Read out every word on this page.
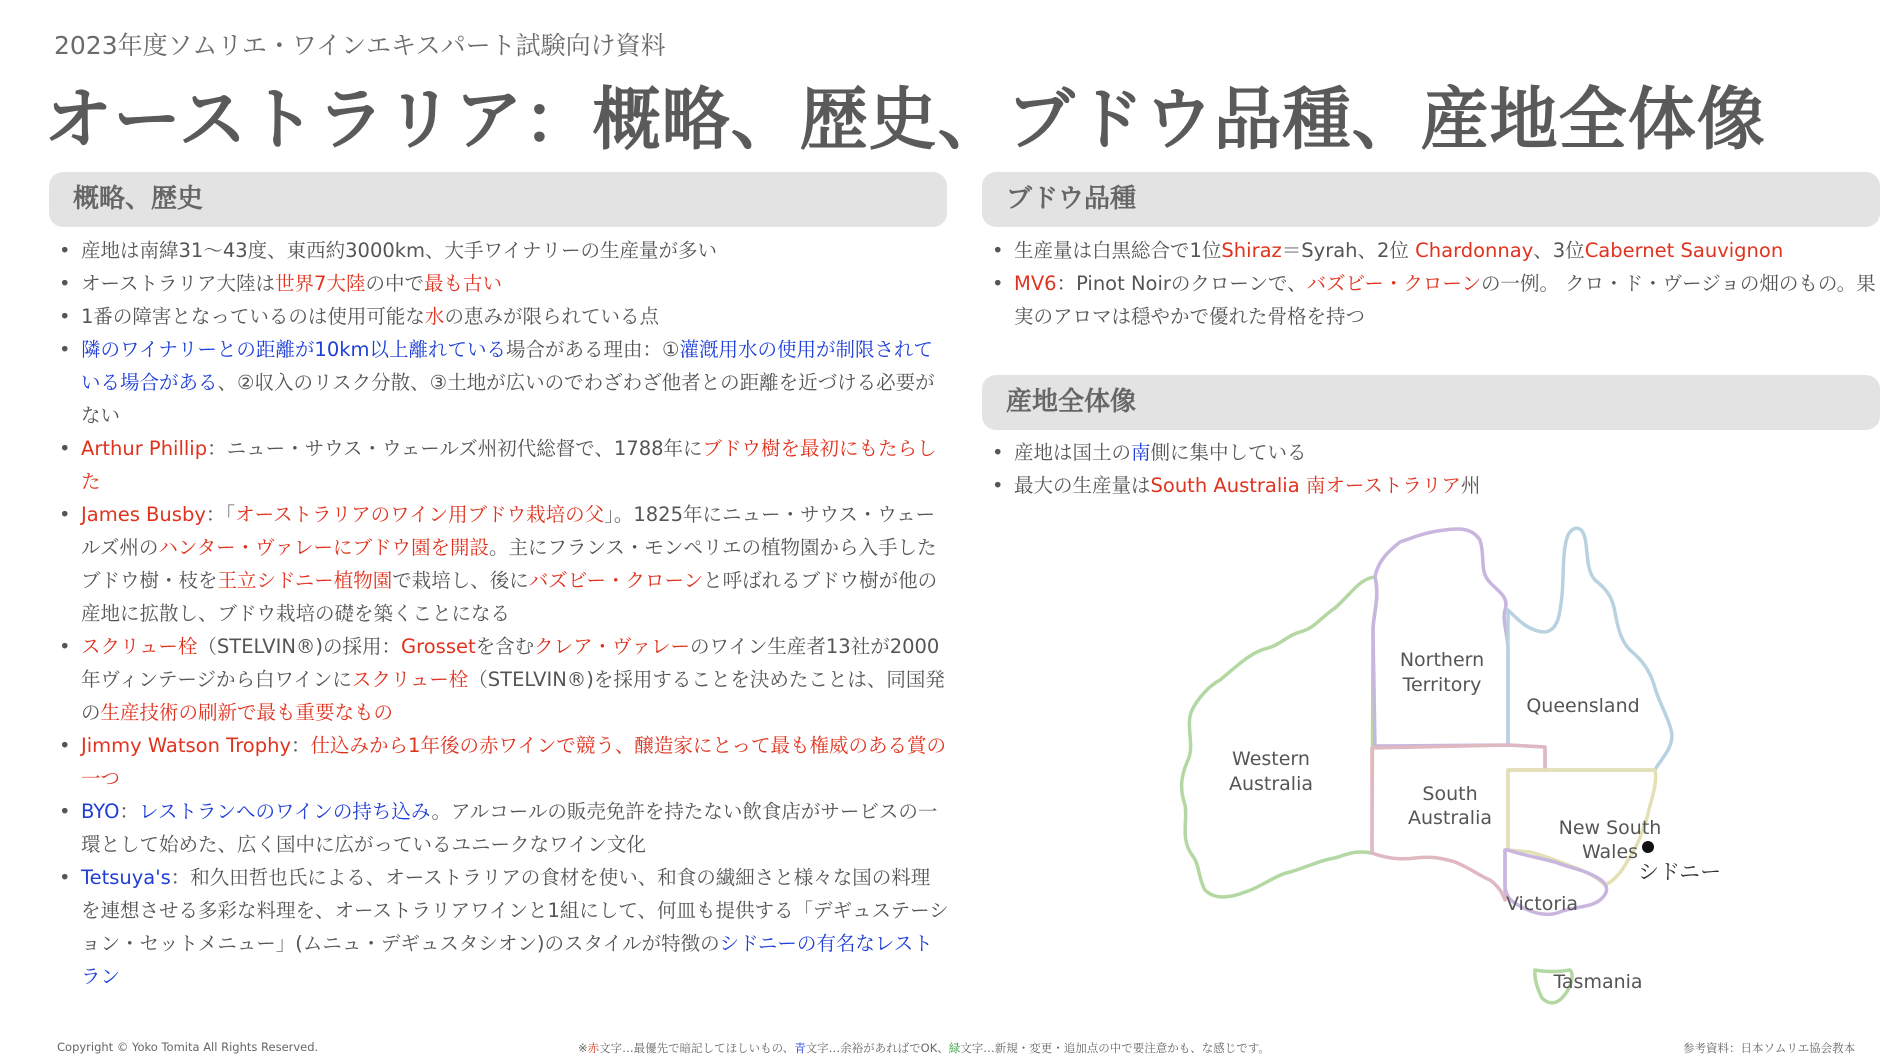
2023年度ソムリエ・ワインエキスパート試験向け資料
オーストラリア：概略、歴史、ブドウ品種、産地全体像
概略、歴史
• 産地は南緯31〜43度、東西約3000km、大手ワイナリーの生産量が多い
• オーストラリア大陸は世界7大陸の中で最も古い
• 1番の障害となっているのは使用可能な水の恵みが限られている点
• 隣のワイナリーとの距離が10km以上離れている場合がある理由：①灌漑用水の使用が制限されている場合がある、②収入のリスク分散、③土地が広いのでわざわざ他者との距離を近づける必要がない
• Arthur Phillip：ニュー・サウス・ウェールズ州初代総督で、1788年にブドウ樹を最初にもたらした
• James Busby：「オーストラリアのワイン用ブドウ栽培の父」。1825年にニュー・サウス・ウェールズ州のハンター・ヴァレーにブドウ園を開設。主にフランス・モンペリエの植物園から入手したブドウ樹・枝を王立シドニー植物園で栽培し、後にバズビー・クローンと呼ばれるブドウ樹が他の産地に拡散し、ブドウ栽培の礎を築くことになる
• スクリュー栓（STELVIN®)の採用：Grossetを含むクレア・ヴァレーのワイン生産者13社が2000年ヴィンテージから白ワインにスクリュー栓（STELVIN®)を採用することを決めたことは、同国発の生産技術の刷新で最も重要なもの
• Jimmy Watson Trophy：仕込みから1年後の赤ワインで競う、醸造家にとって最も権威のある賞の一つ
• BYO：レストランへのワインの持ち込み。アルコールの販売免許を持たない飲食店がサービスの一環として始めた、広く国中に広がっているユニークなワイン文化
• Tetsuya's：和久田哲也氏による、オーストラリアの食材を使い、和食の繊細さと様々な国の料理を連想させる多彩な料理を、オーストラリアワインと1組にして、何皿も提供する「デギュステーション・セットメニュー」(ムニュ・デギュスタシオン)のスタイルが特徴のシドニーの有名なレストラン
ブドウ品種
• 生産量は白黒総合で1位Shiraz＝Syrah、2位 Chardonnay、3位Cabernet Sauvignon
• MV6：Pinot Noirのクローンで、バズビー・クローンの一例。 クロ・ド・ヴージョの畑のもの。果実のアロマは穏やかで優れた骨格を持つ
産地全体像
• 産地は国土の南側に集中している
• 最大の生産量はSouth Australia 南オーストラリア州
Western
Australia
Northern
Territory
Queensland
South
Australia	New South
Wales
Victoria
Tasmania
シドニー
Copyright © Yoko Tomita All Rights Reserved.	※赤文字…最優先で暗記してほしいもの、青文字…余裕があればでOK、緑文字…新規・変更・追加点の中で要注意かも、な感じです。	参考資料：日本ソムリエ協会教本
